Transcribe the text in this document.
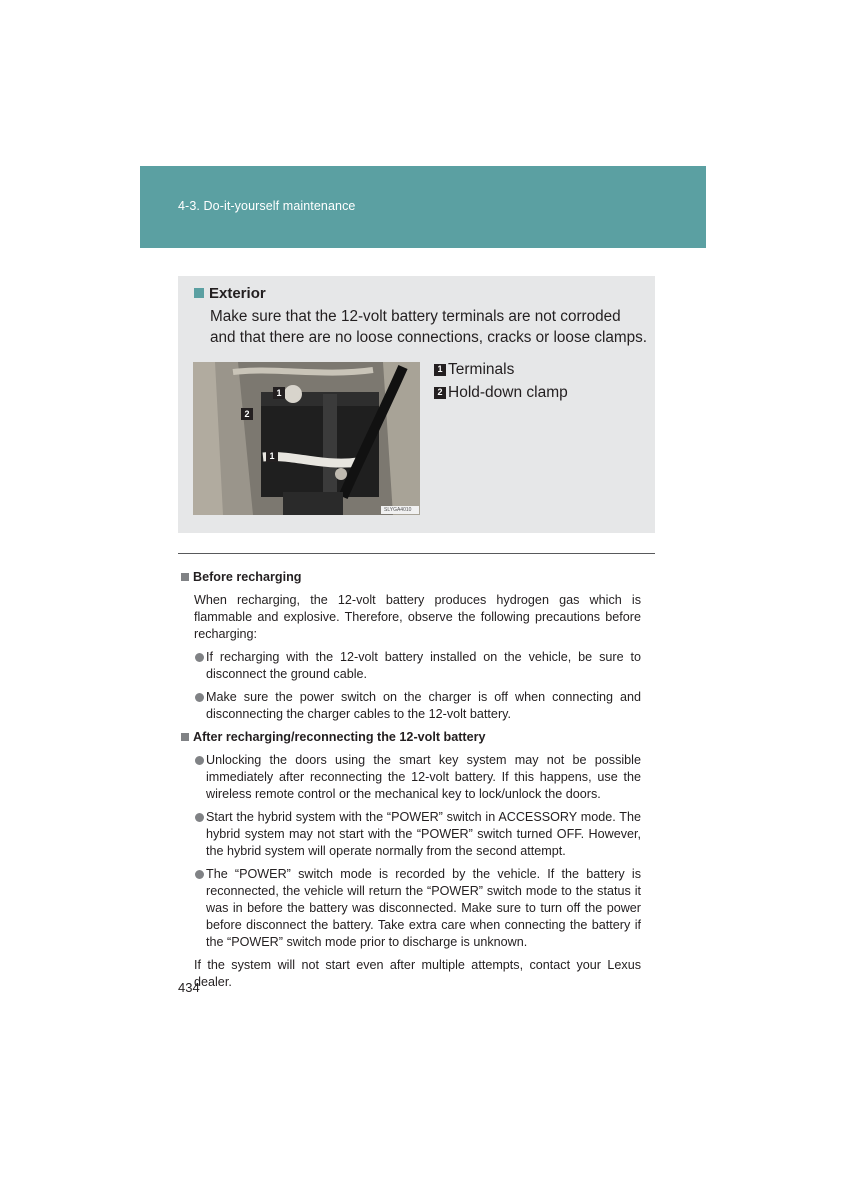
4-3. Do-it-yourself maintenance
Exterior
Make sure that the 12-volt battery terminals are not corroded and that there are no loose connections, cracks or loose clamps.
1
2
1
SLYGA4010
1 Terminals
2 Hold-down clamp
Before recharging
When recharging, the 12-volt battery produces hydrogen gas which is flammable and explosive. Therefore, observe the following precautions before recharging:
If recharging with the 12-volt battery installed on the vehicle, be sure to disconnect the ground cable.
Make sure the power switch on the charger is off when connecting and disconnecting the charger cables to the 12-volt battery.
After recharging/reconnecting the 12-volt battery
Unlocking the doors using the smart key system may not be possible immediately after reconnecting the 12-volt battery. If this happens, use the wireless remote control or the mechanical key to lock/unlock the doors.
Start the hybrid system with the “POWER” switch in ACCESSORY mode. The hybrid system may not start with the “POWER” switch turned OFF. However, the hybrid system will operate normally from the second attempt.
The “POWER” switch mode is recorded by the vehicle. If the battery is reconnected, the vehicle will return the “POWER” switch mode to the status it was in before the battery was disconnected. Make sure to turn off the power before disconnect the battery. Take extra care when connecting the battery if the “POWER” switch mode prior to discharge is unknown.
If the system will not start even after multiple attempts, contact your Lexus dealer.
434
